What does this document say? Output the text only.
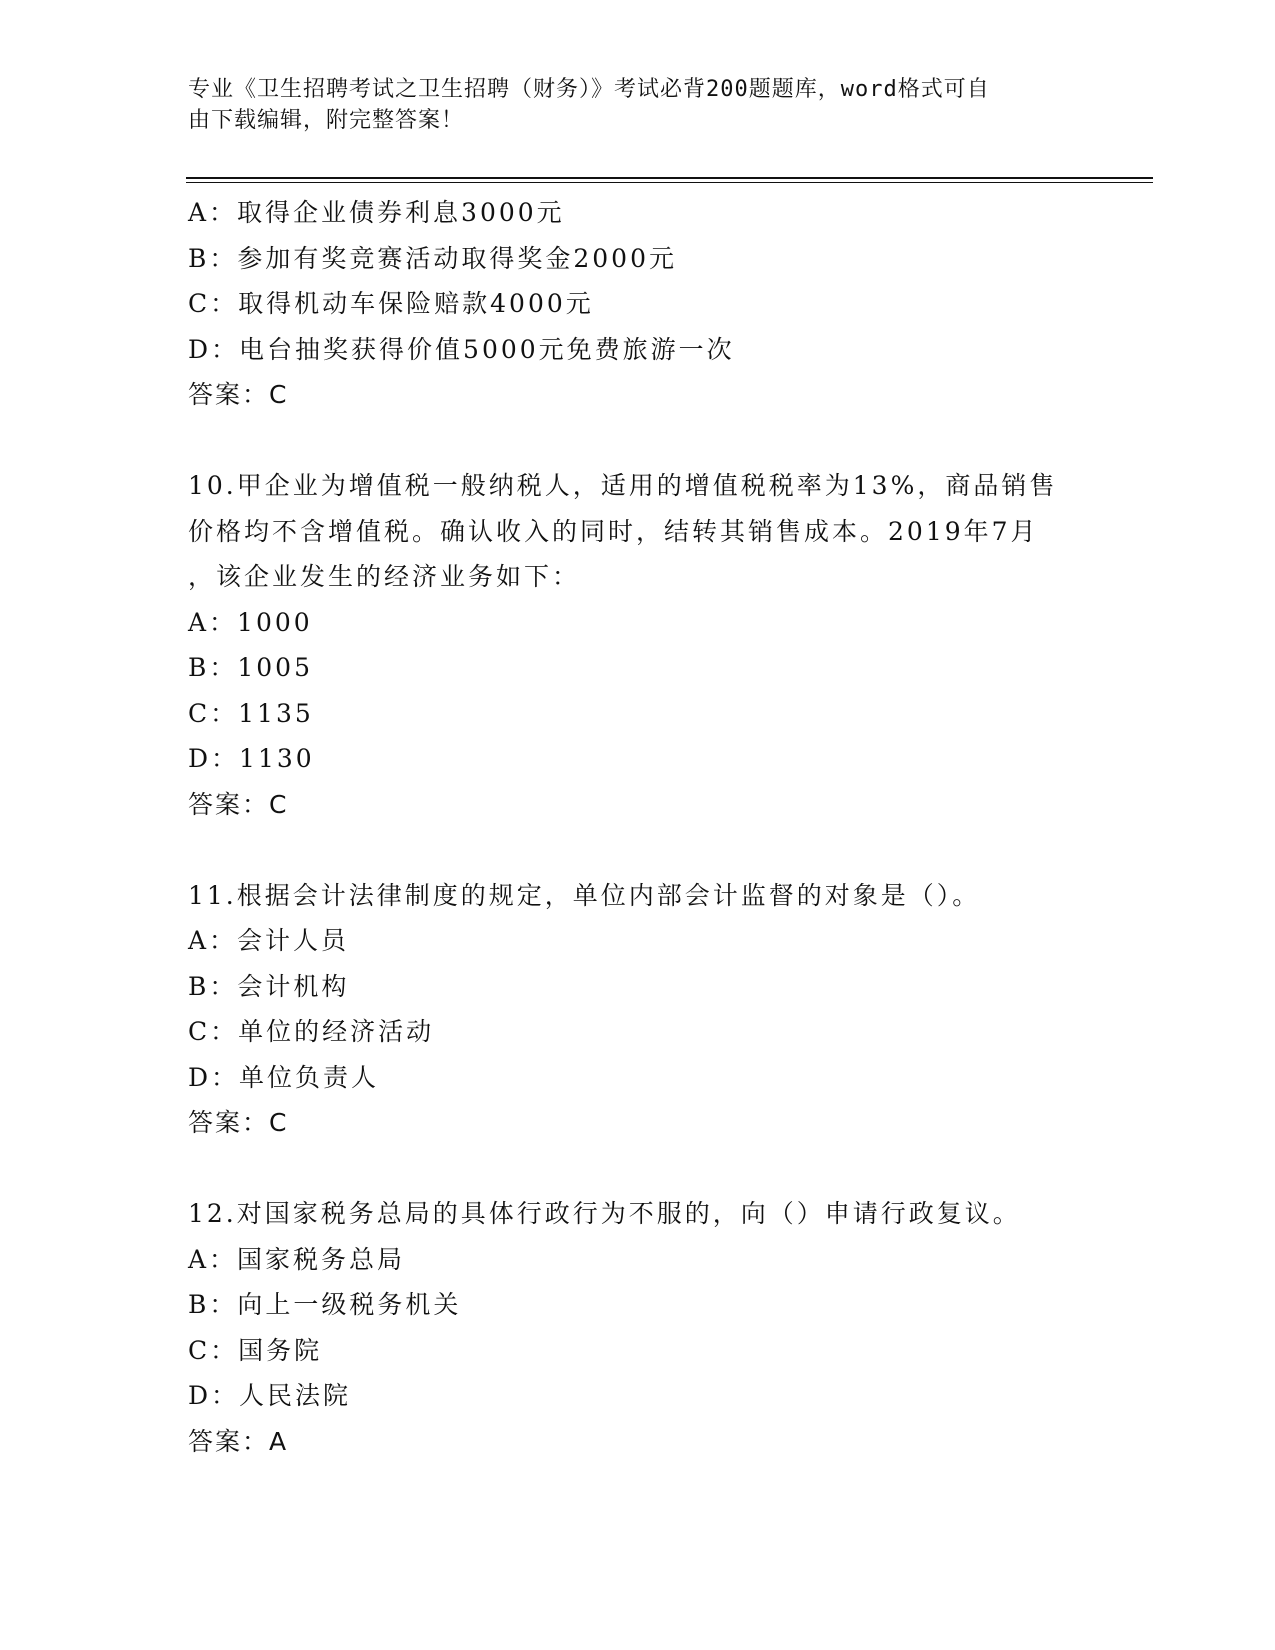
专业《卫生招聘考试之卫生招聘（财务）》考试必背200题题库，word格式可自
由下载编辑，附完整答案！
A：取得企业债券利息3000元
B：参加有奖竞赛活动取得奖金2000元
C：取得机动车保险赔款4000元
D：电台抽奖获得价值5000元免费旅游一次
答案：C
10.甲企业为增值税一般纳税人，适用的增值税税率为13%，商品销售
价格均不含增值税。确认收入的同时，结转其销售成本。2019年7月
，该企业发生的经济业务如下：
A：1000
B：1005
C：1135
D：1130
答案：C
11.根据会计法律制度的规定，单位内部会计监督的对象是（）。
A：会计人员
B：会计机构
C：单位的经济活动
D：单位负责人
答案：C
12.对国家税务总局的具体行政行为不服的，向（）申请行政复议。
A：国家税务总局
B：向上一级税务机关
C：国务院
D：人民法院
答案：A
